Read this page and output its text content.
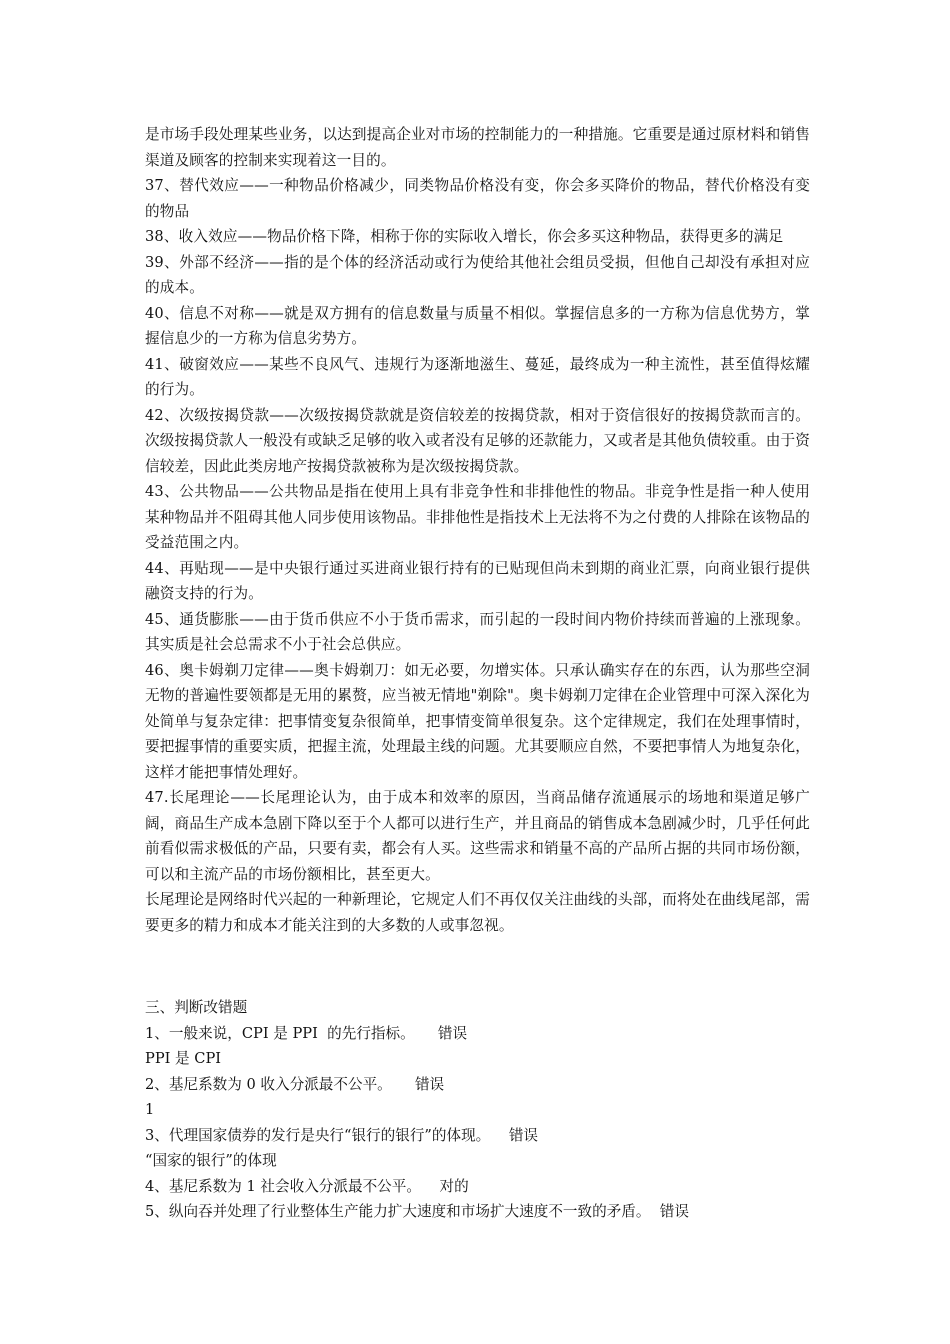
是市场手段处理某些业务，以达到提高企业对市场的控制能力的一种措施。它重要是通过原材料和销售渠道及顾客的控制来实现着这一目的。

37、替代效应——一种物品价格减少，同类物品价格没有变，你会多买降价的物品，替代价格没有变的物品

38、收入效应——物品价格下降，相称于你的实际收入增长，你会多买这种物品，获得更多的满足

39、外部不经济——指的是个体的经济活动或行为使给其他社会组员受损，但他自己却没有承担对应的成本。

40、信息不对称——就是双方拥有的信息数量与质量不相似。掌握信息多的一方称为信息优势方，掌握信息少的一方称为信息劣势方。

41、破窗效应——某些不良风气、违规行为逐渐地滋生、蔓延，最终成为一种主流性，甚至值得炫耀的行为。

42、次级按揭贷款——次级按揭贷款就是资信较差的按揭贷款，相对于资信很好的按揭贷款而言的。次级按揭贷款人一般没有或缺乏足够的收入或者没有足够的还款能力，又或者是其他负债较重。由于资信较差，因此此类房地产按揭贷款被称为是次级按揭贷款。

43、公共物品——公共物品是指在使用上具有非竞争性和非排他性的物品。非竞争性是指一种人使用某种物品并不阻碍其他人同步使用该物品。非排他性是指技术上无法将不为之付费的人排除在该物品的受益范围之内。

44、再贴现——是中央银行通过买进商业银行持有的已贴现但尚未到期的商业汇票，向商业银行提供融资支持的行为。

45、通货膨胀——由于货币供应不小于货币需求，而引起的一段时间内物价持续而普遍的上涨现象。其实质是社会总需求不小于社会总供应。

46、奥卡姆剃刀定律——奥卡姆剃刀：如无必要，勿增实体。只承认确实存在的东西，认为那些空洞无物的普遍性要领都是无用的累赘，应当被无情地"剃除"。奥卡姆剃刀定律在企业管理中可深入深化为处简单与复杂定律：把事情变复杂很简单，把事情变简单很复杂。这个定律规定，我们在处理事情时，要把握事情的重要实质，把握主流，处理最主线的问题。尤其要顺应自然，不要把事情人为地复杂化，这样才能把事情处理好。

47.长尾理论——长尾理论认为，由于成本和效率的原因，当商品储存流通展示的场地和渠道足够广阔，商品生产成本急剧下降以至于个人都可以进行生产，并且商品的销售成本急剧减少时，几乎任何此前看似需求极低的产品，只要有卖，都会有人买。这些需求和销量不高的产品所占据的共同市场份额，可以和主流产品的市场份额相比，甚至更大。

长尾理论是网络时代兴起的一种新理论，它规定人们不再仅仅关注曲线的头部，而将处在曲线尾部，需要更多的精力和成本才能关注到的大多数的人或事忽视。

三、判断改错题

1、一般来说，CPI 是 PPI  的先行指标。     错误

PPI 是 CPI

2、基尼系数为 0 收入分派最不公平。     错误

1

3、代理国家债券的发行是央行“银行的银行”的体现。    错误

“国家的银行”的体现

4、基尼系数为 1 社会收入分派最不公平。    对的

5、纵向吞并处理了行业整体生产能力扩大速度和市场扩大速度不一致的矛盾。  错误
